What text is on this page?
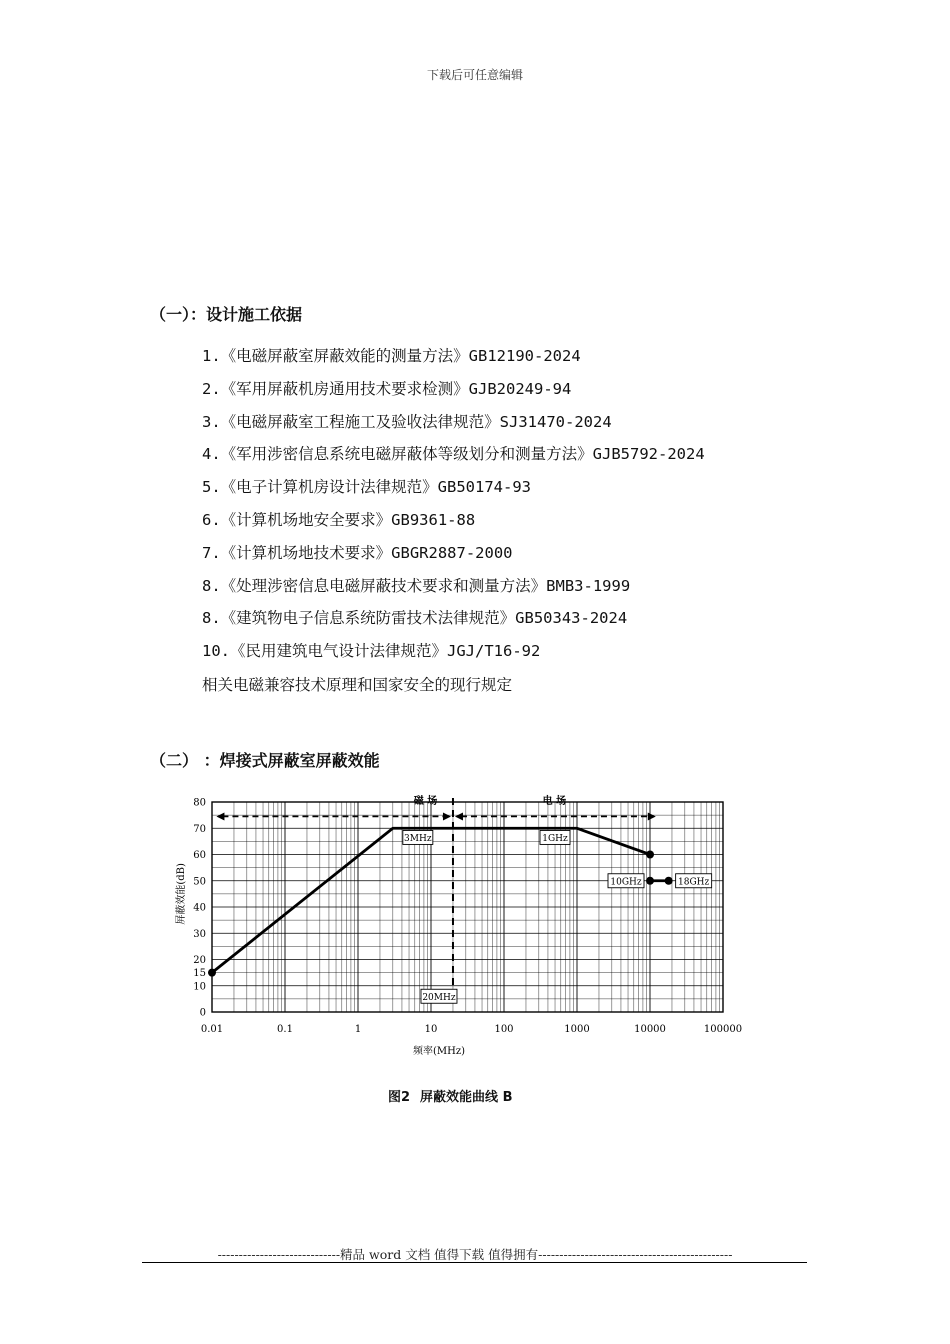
下载后可任意编辑
（一）：设计施工依据
1.《电磁屏蔽室屏蔽效能的测量方法》GB12190-2024
2.《军用屏蔽机房通用技术要求检测》GJB20249-94
3.《电磁屏蔽室工程施工及验收法律规范》SJ31470-2024
4.《军用涉密信息系统电磁屏蔽体等级划分和测量方法》GJB5792-2024
5.《电子计算机房设计法律规范》GB50174-93
6.《计算机场地安全要求》GB9361-88
7.《计算机场地技术要求》GBGR2887-2000
8.《处理涉密信息电磁屏蔽技术要求和测量方法》BMB3-1999
8.《建筑物电子信息系统防雷技术法律规范》GB50343-2024
10.《民用建筑电气设计法律规范》JGJ/T16-92
相关电磁兼容技术原理和国家安全的现行规定
（二） ：焊接式屏蔽室屏蔽效能
0.01	0.1	1	10	100	1000	10000	100000
0
10
15
20
30
40
50
60
70
80	磁 场	电 场
3MHz	1GHz
10GHz	18GHz
20MHz
频率(MHz)
屏蔽效能(dB)
图2 屏蔽效能曲线 B
-----------------------------精品 word 文档 值得下载 值得拥有----------------------------------------------
